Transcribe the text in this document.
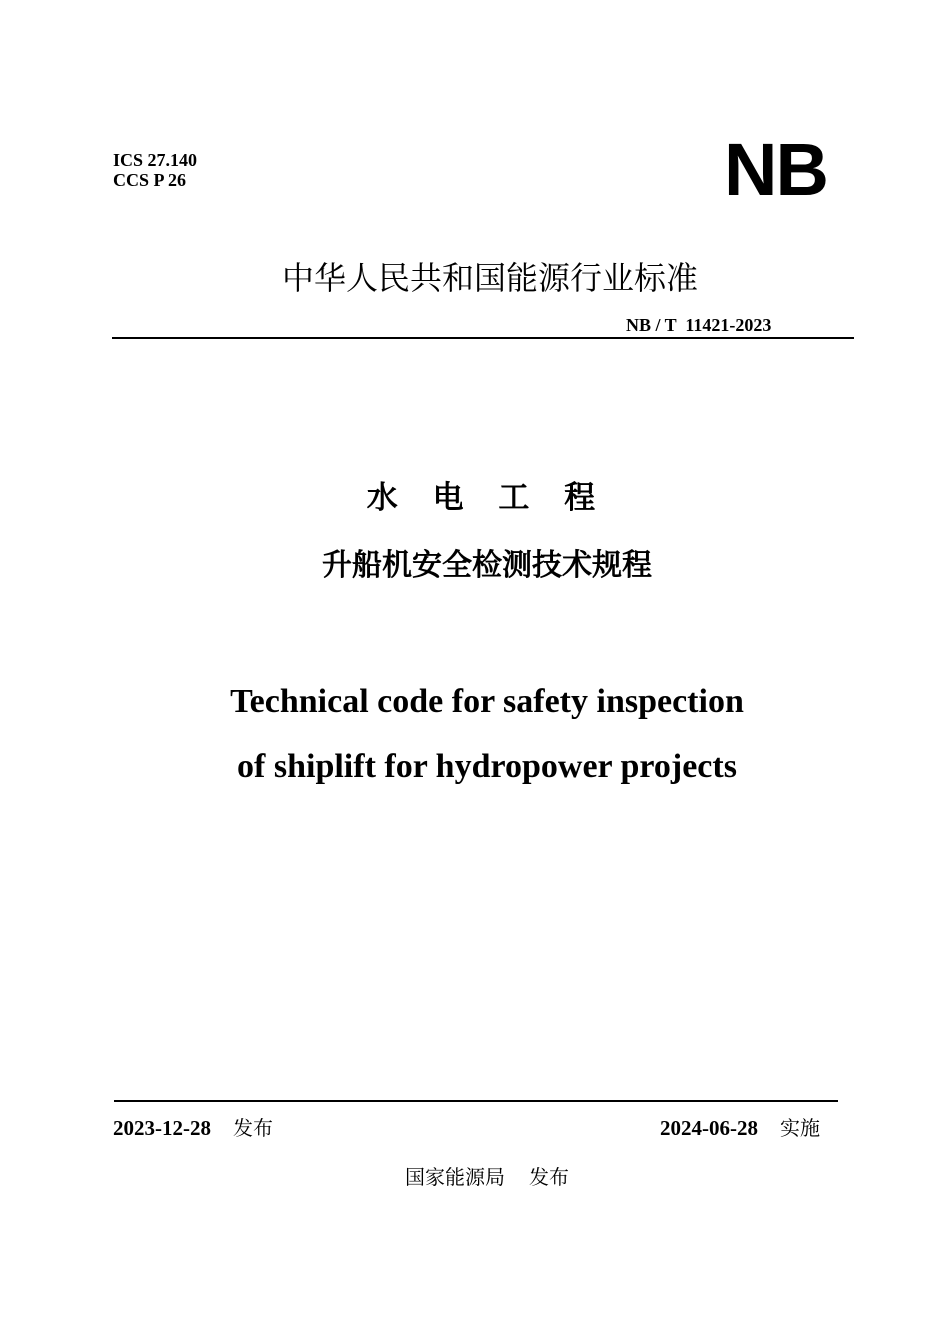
ICS 27.140
CCS P 26	NB
中华人民共和国能源行业标准
NB / T  11421-2023
水 电 工 程
升船机安全检测技术规程
Technical code for safety inspection
of shiplift for hydropower projects
2023-12-28 发布	2024-06-28 实施
国家能源局 发布
